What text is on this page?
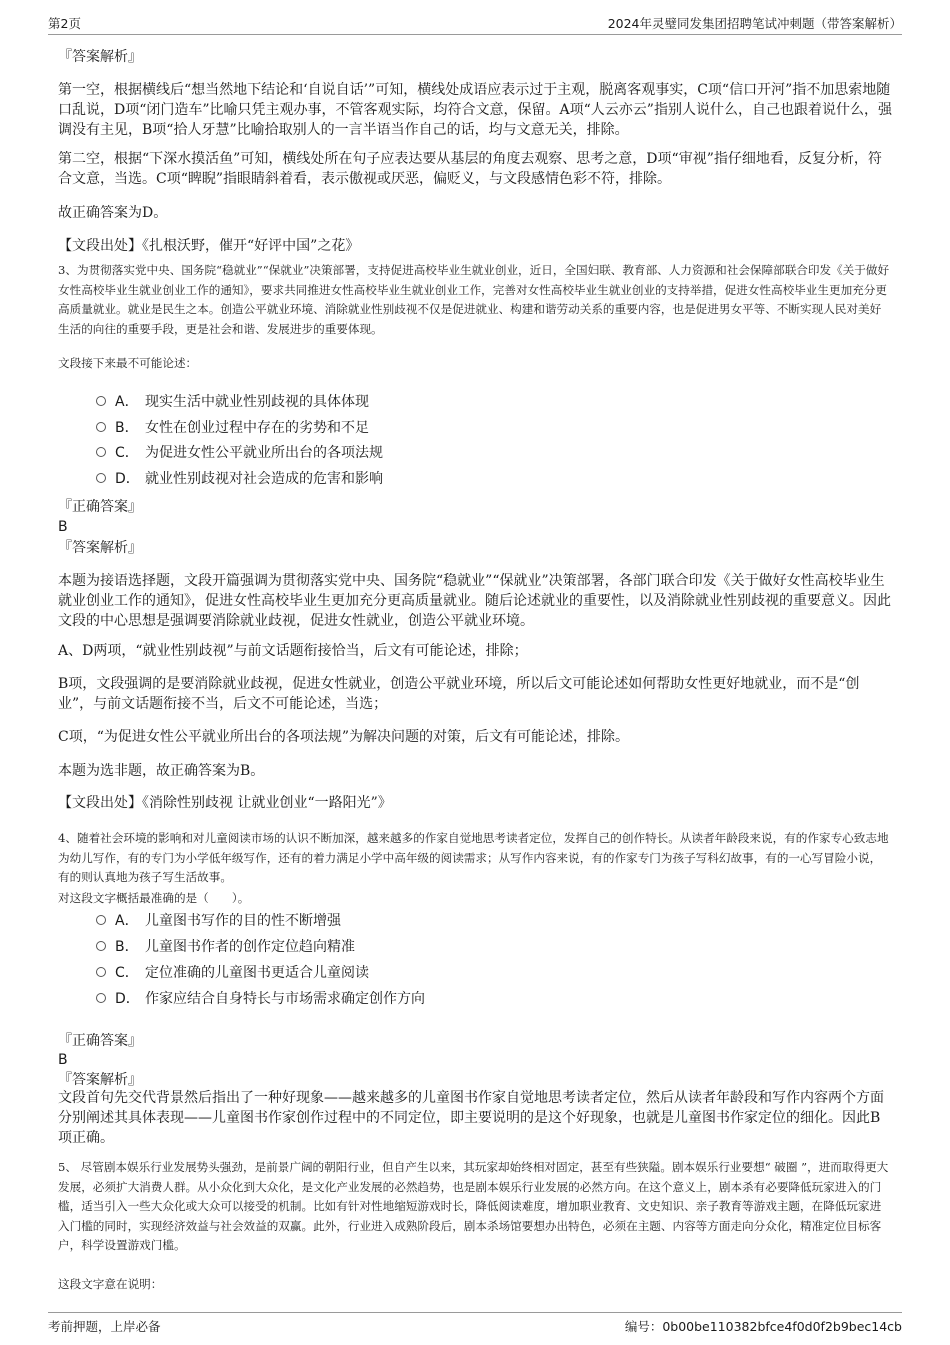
第2页	2024年灵璧同发集团招聘笔试冲刺题（带答案解析）
『答案解析』

第一空，根据横线后“想当然地下结论和‘自说自话’”可知，横线处成语应表示过于主观，脱离客观事实，C项“信口开河”指不加思索地随口乱说，D项“闭门造车”比喻只凭主观办事，不管客观实际，均符合文意，保留。A项“人云亦云”指别人说什么，自己也跟着说什么，强调没有主见，B项“拾人牙慧”比喻拾取别人的一言半语当作自己的话，均与文意无关，排除。

第二空，根据“下深水摸活鱼”可知，横线处所在句子应表达要从基层的角度去观察、思考之意，D项“审视”指仔细地看，反复分析，符合文意，当选。C项“睥睨”指眼睛斜着看，表示傲视或厌恶，偏贬义，与文段感情色彩不符，排除。

故正确答案为D。
【文段出处】《扎根沃野，催开“好评中国”之花》

3、为贯彻落实党中央、国务院“稳就业”“保就业”决策部署，支持促进高校毕业生就业创业，近日，全国妇联、教育部、人力资源和社会保障部联合印发《关于做好女性高校毕业生就业创业工作的通知》，要求共同推进女性高校毕业生就业创业工作，完善对女性高校毕业生就业创业的支持举措，促进女性高校毕业生更加充分更高质量就业。就业是民生之本。创造公平就业环境、消除就业性别歧视不仅是促进就业、构建和谐劳动关系的重要内容，也是促进男女平等、不断实现人民对美好生活的向往的重要手段，更是社会和谐、发展进步的重要体现。

文段接下来最不可能论述：
A． 现实生活中就业性别歧视的具体体现
B． 女性在创业过程中存在的劣势和不足
C． 为促进女性公平就业所出台的各项法规
D． 就业性别歧视对社会造成的危害和影响
『正确答案』
B
『答案解析』

本题为接语选择题，文段开篇强调为贯彻落实党中央、国务院“稳就业”“保就业”决策部署，各部门联合印发《关于做好女性高校毕业生就业创业工作的通知》，促进女性高校毕业生更加充分更高质量就业。随后论述就业的重要性，以及消除就业性别歧视的重要意义。因此文段的中心思想是强调要消除就业歧视，促进女性就业，创造公平就业环境。

A、D两项，“就业性别歧视”与前文话题衔接恰当，后文有可能论述，排除；

B项，文段强调的是要消除就业歧视，促进女性就业，创造公平就业环境，所以后文可能论述如何帮助女性更好地就业，而不是“创业”，与前文话题衔接不当，后文不可能论述，当选；

C项，“为促进女性公平就业所出台的各项法规”为解决问题的对策，后文有可能论述，排除。

本题为选非题，故正确答案为B。
【文段出处】《消除性别歧视 让就业创业“一路阳光”》

4、随着社会环境的影响和对儿童阅读市场的认识不断加深，越来越多的作家自觉地思考读者定位，发挥自己的创作特长。从读者年龄段来说，有的作家专心致志地为幼儿写作，有的专门为小学低年级写作，还有的着力满足小学中高年级的阅读需求；从写作内容来说，有的作家专门为孩子写科幻故事，有的一心写冒险小说，有的则认真地为孩子写生活故事。

对这段文字概括最准确的是（　　）。
A． 儿童图书写作的目的性不断增强
B． 儿童图书作者的创作定位趋向精准
C． 定位准确的儿童图书更适合儿童阅读
D． 作家应结合自身特长与市场需求确定创作方向
『正确答案』
B
『答案解析』

文段首句先交代背景然后指出了一种好现象——越来越多的儿童图书作家自觉地思考读者定位，然后从读者年龄段和写作内容两个方面分别阐述其具体表现——儿童图书作家创作过程中的不同定位，即主要说明的是这个好现象，也就是儿童图书作家定位的细化。因此B项正确。

5、 尽管剧本娱乐行业发展势头强劲，是前景广阔的朝阳行业，但自产生以来，其玩家却始终相对固定，甚至有些狭隘。剧本娱乐行业要想“ 破圈 ”，进而取得更大发展，必须扩大消费人群。从小众化到大众化，是文化产业发展的必然趋势，也是剧本娱乐行业发展的必然方向。在这个意义上，剧本杀有必要降低玩家进入的门槛，适当引入一些大众化或大众可以接受的机制。比如有针对性地缩短游戏时长，降低阅读难度，增加职业教育、文史知识、亲子教育等游戏主题，在降低玩家进入门槛的同时，实现经济效益与社会效益的双赢。此外，行业进入成熟阶段后，剧本杀场馆要想办出特色，必须在主题、内容等方面走向分众化，精准定位目标客户，科学设置游戏门槛。

这段文字意在说明：
考前押题，上岸必备	编号：0b00be110382bfce4f0d0f2b9bec14cb
